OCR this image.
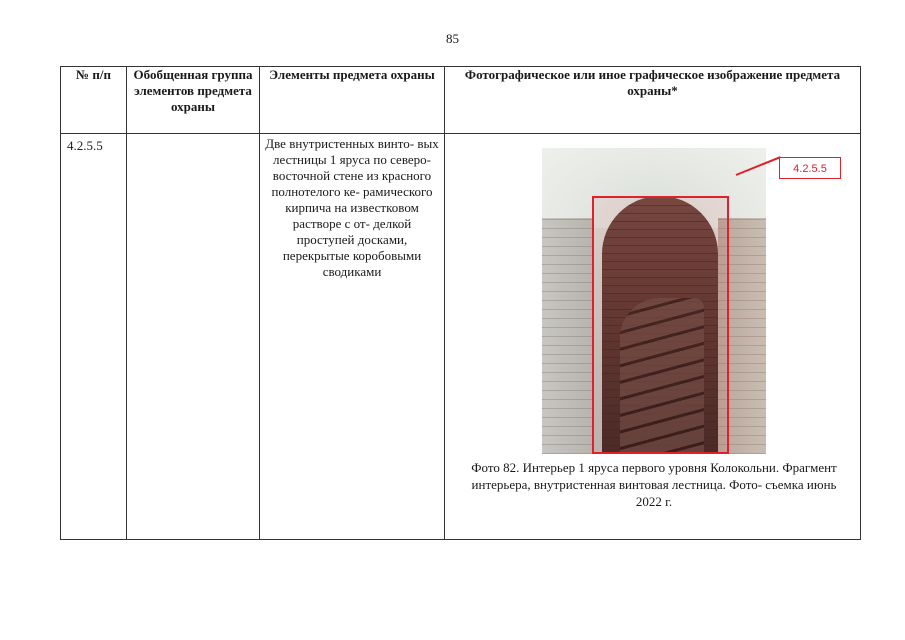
85
№ п/п	Обобщенная группа элементов предмета охраны	Элементы предмета охраны	Фотографическое или иное графическое изображение предмета охраны*
4.2.5.5		Две внутристенных винто- вых лестницы 1 яруса по северо-восточной стене из красного полнотелого ке- рамического кирпича на известковом растворе с от- делкой проступей досками, перекрытые коробовыми сводиками	4.2.5.5
Фото 82. Интерьер 1 яруса первого уровня Колокольни. Фрагмент интерьера, внутристенная винтовая лестница. Фото- съемка июнь 2022 г.
